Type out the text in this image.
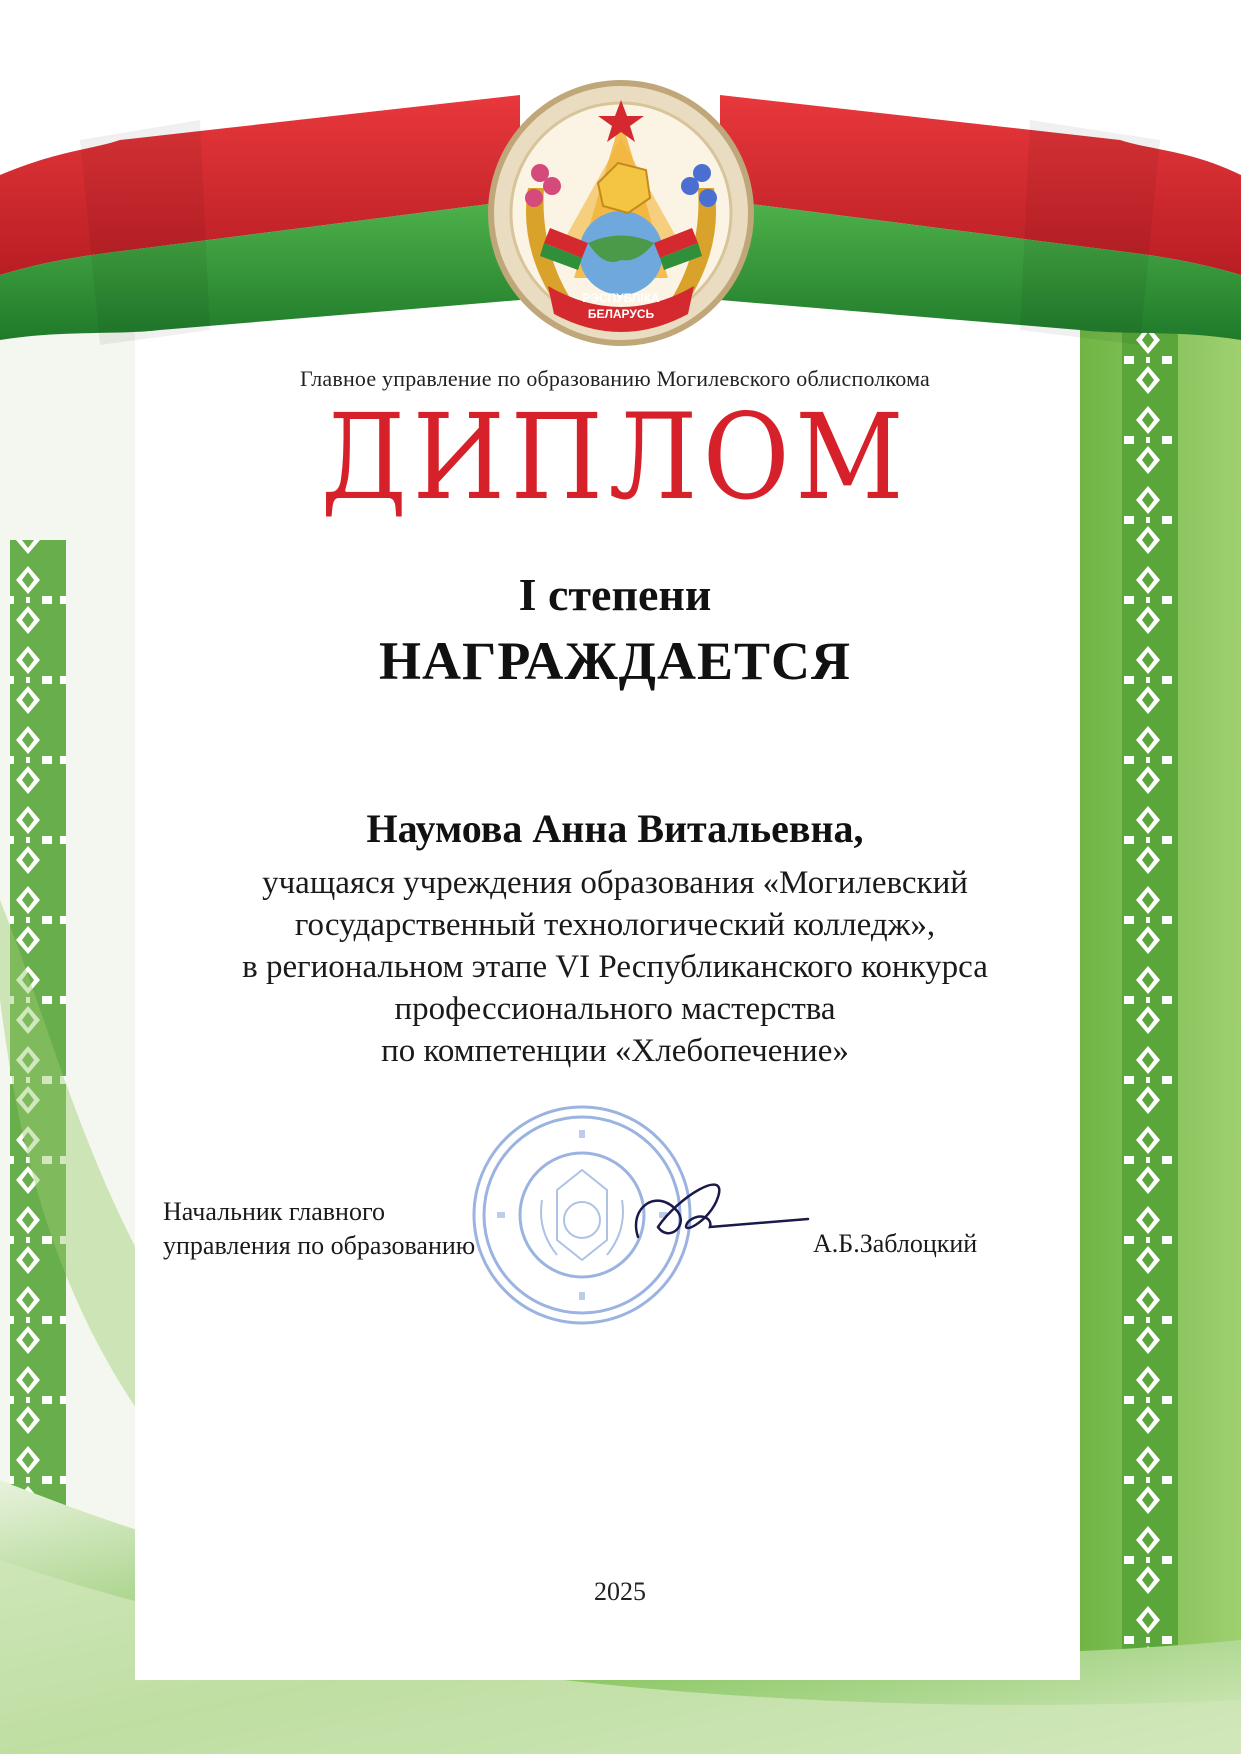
РЭСПУБЛІКА
БЕЛАРУСЬ
Главное управление по образованию Могилевского облисполкома
ДИПЛОМ
I степени
НАГРАЖДАЕТСЯ
Наумова Анна Витальевна,
учащаяся учреждения образования «Могилевский
государственный технологический колледж»,
в региональном этапе VI Республиканского конкурса
профессионального мастерства
по компетенции «Хлебопечение»
Начальник главного
управления по образованию	А.Б.Заблоцкий
2025
